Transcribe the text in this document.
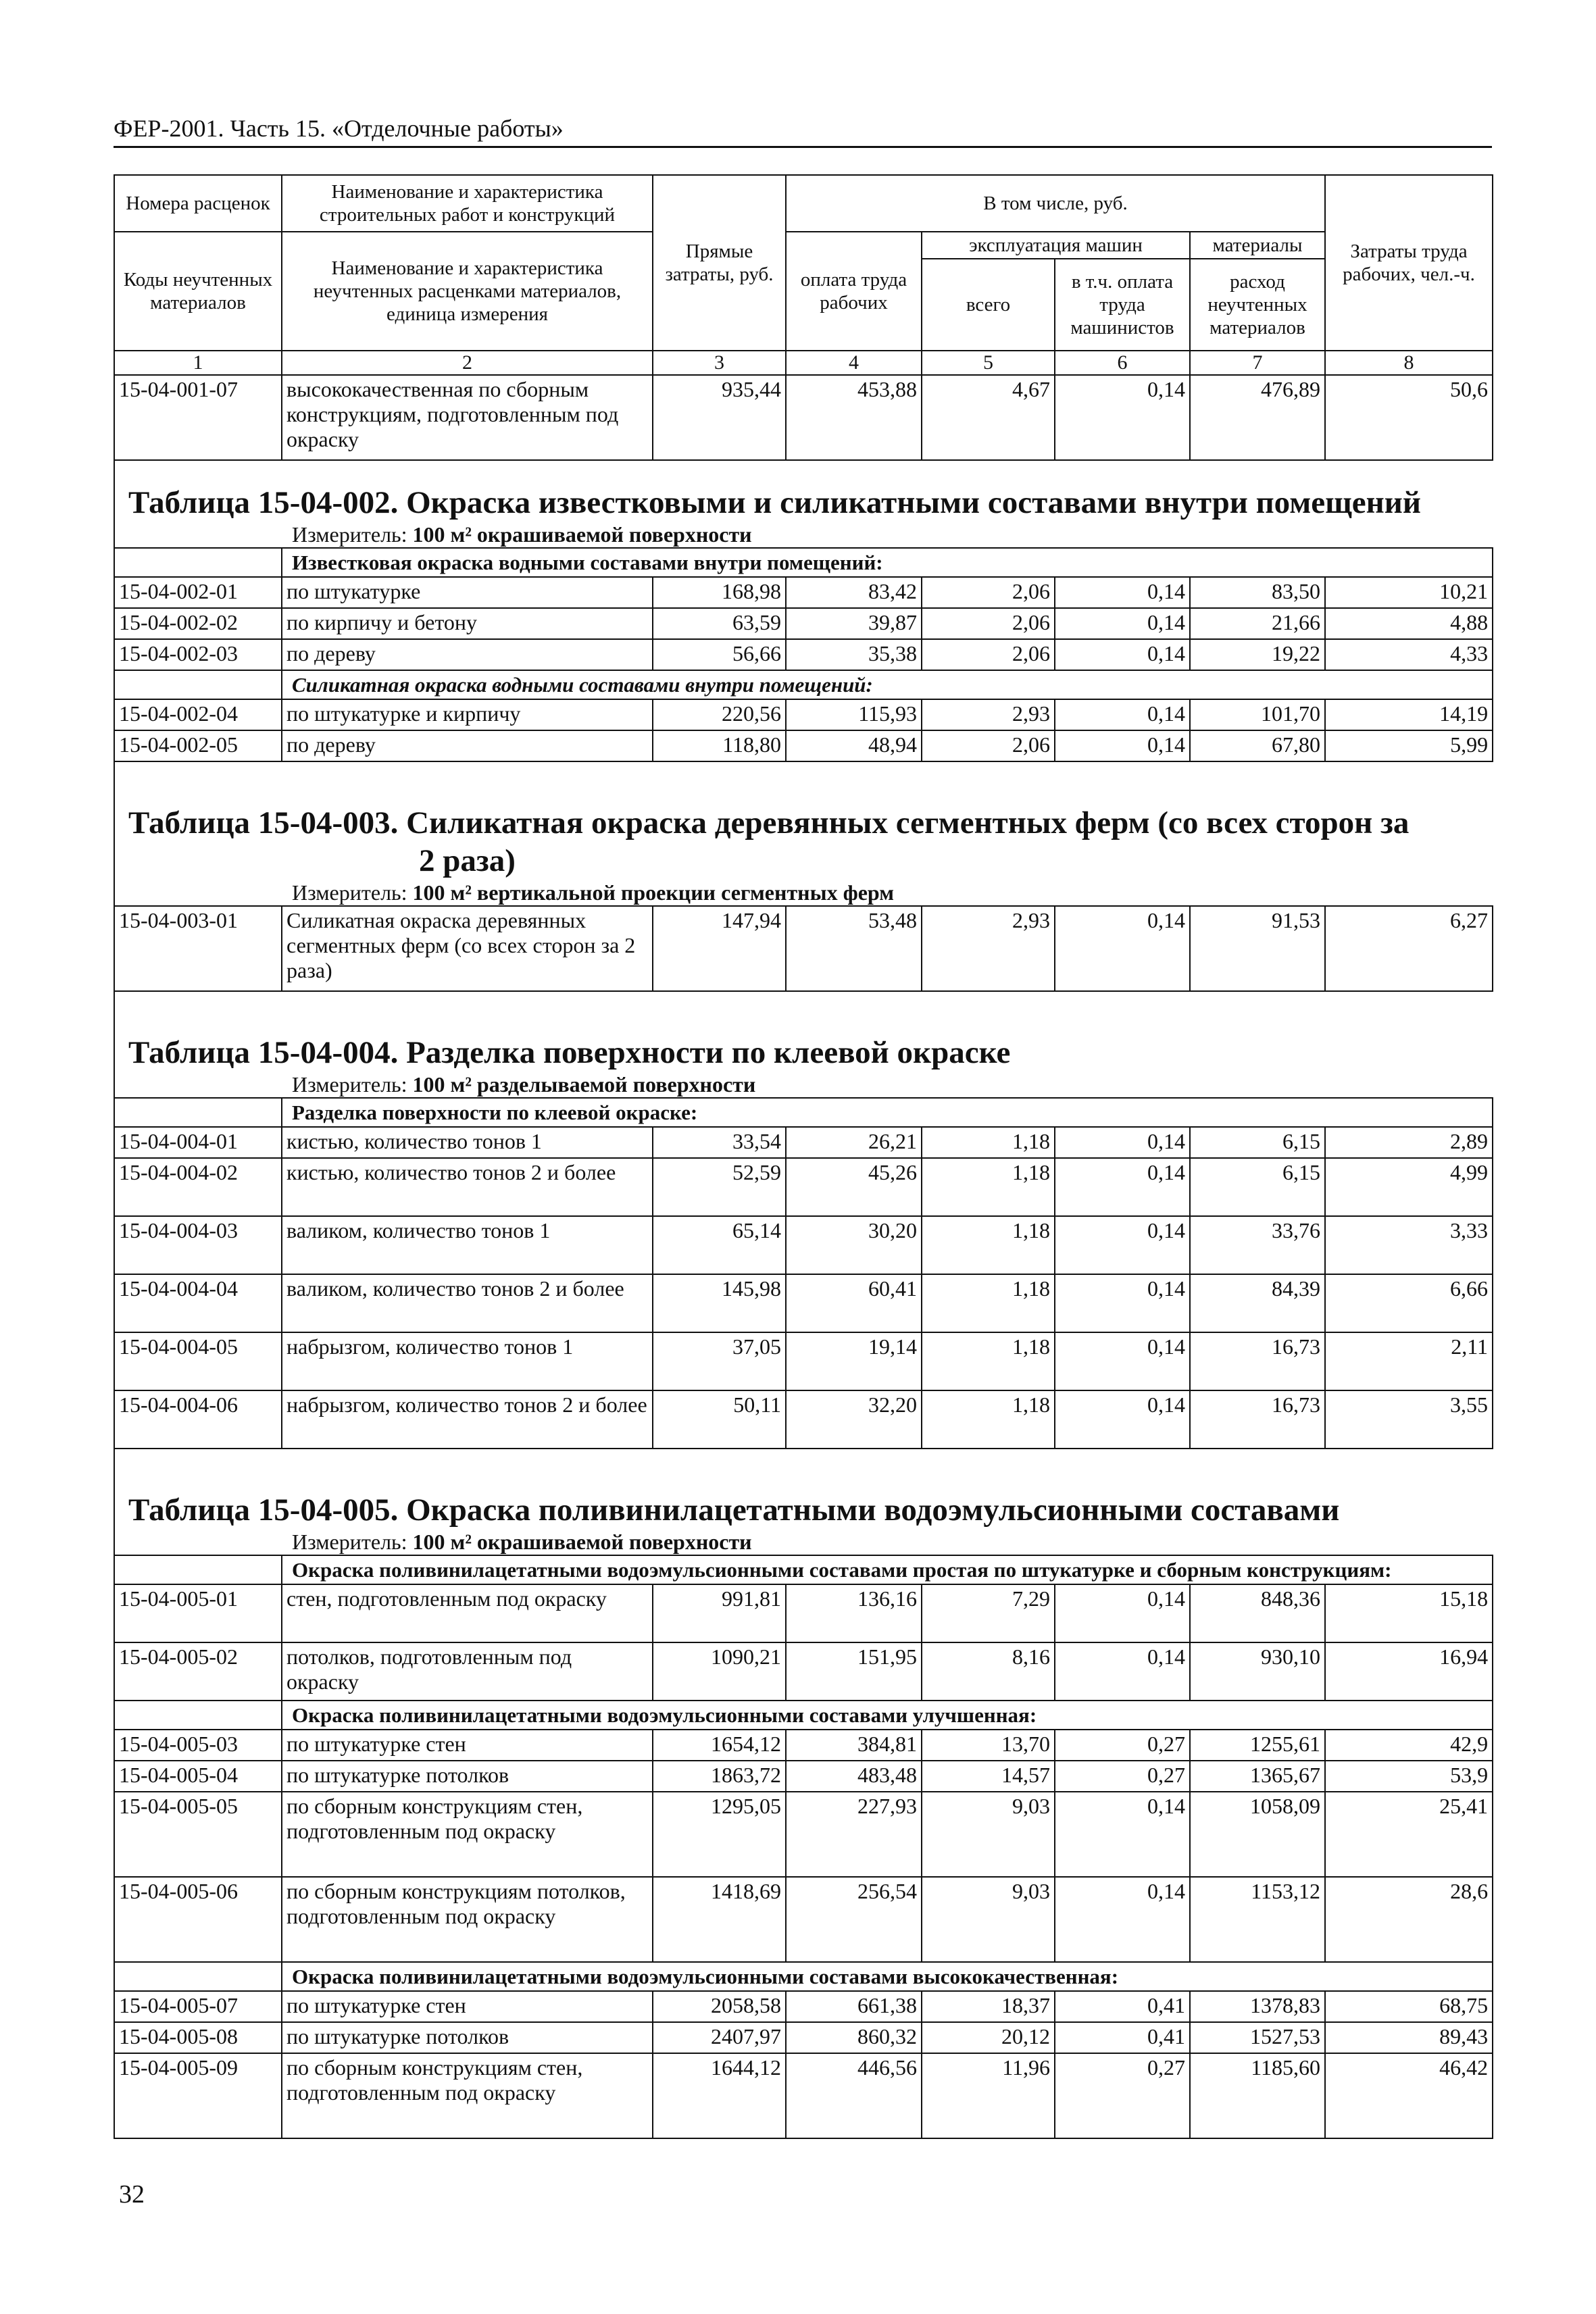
ФЕР-2001. Часть 15. «Отделочные работы»
Номера расценок	Наименование и характеристика строительных работ и конструкций	Прямые затраты, руб.	В том числе, руб.				Затраты труда рабочих, чел.-ч.
Коды неучтенных материалов	Наименование и характеристика неучтенных расценками материалов, единица измерения		оплата труда рабочих	эксплуатация машин		материалы	
				всего	в т.ч. оплата труда машинистов	расход неучтенных материалов	

1	2	3	4	5	6	7	8
15-04-001-07	высококачественная по сборным конструкциям, подготовленным под окраску	935,44	453,88	4,67	0,14	476,89	50,6
Таблица 15-04-002. Окраска известковыми и силикатными составами внутри помещений
Измеритель: 100 м² окрашиваемой поверхности
	Известковая окраска водными составами внутри помещений:						
15-04-002-01	по штукатурке	168,98	83,42	2,06	0,14	83,50	10,21
15-04-002-02	по кирпичу и бетону	63,59	39,87	2,06	0,14	21,66	4,88
15-04-002-03	по дереву	56,66	35,38	2,06	0,14	19,22	4,33
	Силикатная окраска водными составами внутри помещений:						
15-04-002-04	по штукатурке и кирпичу	220,56	115,93	2,93	0,14	101,70	14,19
15-04-002-05	по дереву	118,80	48,94	2,06	0,14	67,80	5,99
Таблица 15-04-003. Силикатная окраска деревянных сегментных ферм (со всех сторон за
2 раза)
Измеритель: 100 м² вертикальной проекции сегментных ферм
15-04-003-01	Силикатная окраска деревянных сегментных ферм (со всех сторон за 2 раза)	147,94	53,48	2,93	0,14	91,53	6,27
Таблица 15-04-004. Разделка поверхности по клеевой окраске
Измеритель: 100 м² разделываемой поверхности
	Разделка поверхности по клеевой окраске:						
15-04-004-01	кистью, количество тонов 1	33,54	26,21	1,18	0,14	6,15	2,89
15-04-004-02	кистью, количество тонов 2 и более	52,59	45,26	1,18	0,14	6,15	4,99
15-04-004-03	валиком, количество тонов 1	65,14	30,20	1,18	0,14	33,76	3,33
15-04-004-04	валиком, количество тонов 2 и более	145,98	60,41	1,18	0,14	84,39	6,66
15-04-004-05	набрызгом, количество тонов 1	37,05	19,14	1,18	0,14	16,73	2,11
15-04-004-06	набрызгом, количество тонов 2 и более	50,11	32,20	1,18	0,14	16,73	3,55
Таблица 15-04-005. Окраска поливинилацетатными водоэмульсионными составами
Измеритель: 100 м² окрашиваемой поверхности
	Окраска поливинилацетатными водоэмульсионными составами простая по штукатурке и сборным конструкциям:						
15-04-005-01	стен, подготовленным под окраску	991,81	136,16	7,29	0,14	848,36	15,18
15-04-005-02	потолков, подготовленным под окраску	1090,21	151,95	8,16	0,14	930,10	16,94
	Окраска поливинилацетатными водоэмульсионными составами улучшенная:						
15-04-005-03	по штукатурке стен	1654,12	384,81	13,70	0,27	1255,61	42,9
15-04-005-04	по штукатурке потолков	1863,72	483,48	14,57	0,27	1365,67	53,9
15-04-005-05	по сборным конструкциям стен, подготовленным под окраску	1295,05	227,93	9,03	0,14	1058,09	25,41
15-04-005-06	по сборным конструкциям потолков, подготовленным под окраску	1418,69	256,54	9,03	0,14	1153,12	28,6
	Окраска поливинилацетатными водоэмульсионными составами высококачественная:						
15-04-005-07	по штукатурке стен	2058,58	661,38	18,37	0,41	1378,83	68,75
15-04-005-08	по штукатурке потолков	2407,97	860,32	20,12	0,41	1527,53	89,43
15-04-005-09	по сборным конструкциям стен, подготовленным под окраску	1644,12	446,56	11,96	0,27	1185,60	46,42
32
